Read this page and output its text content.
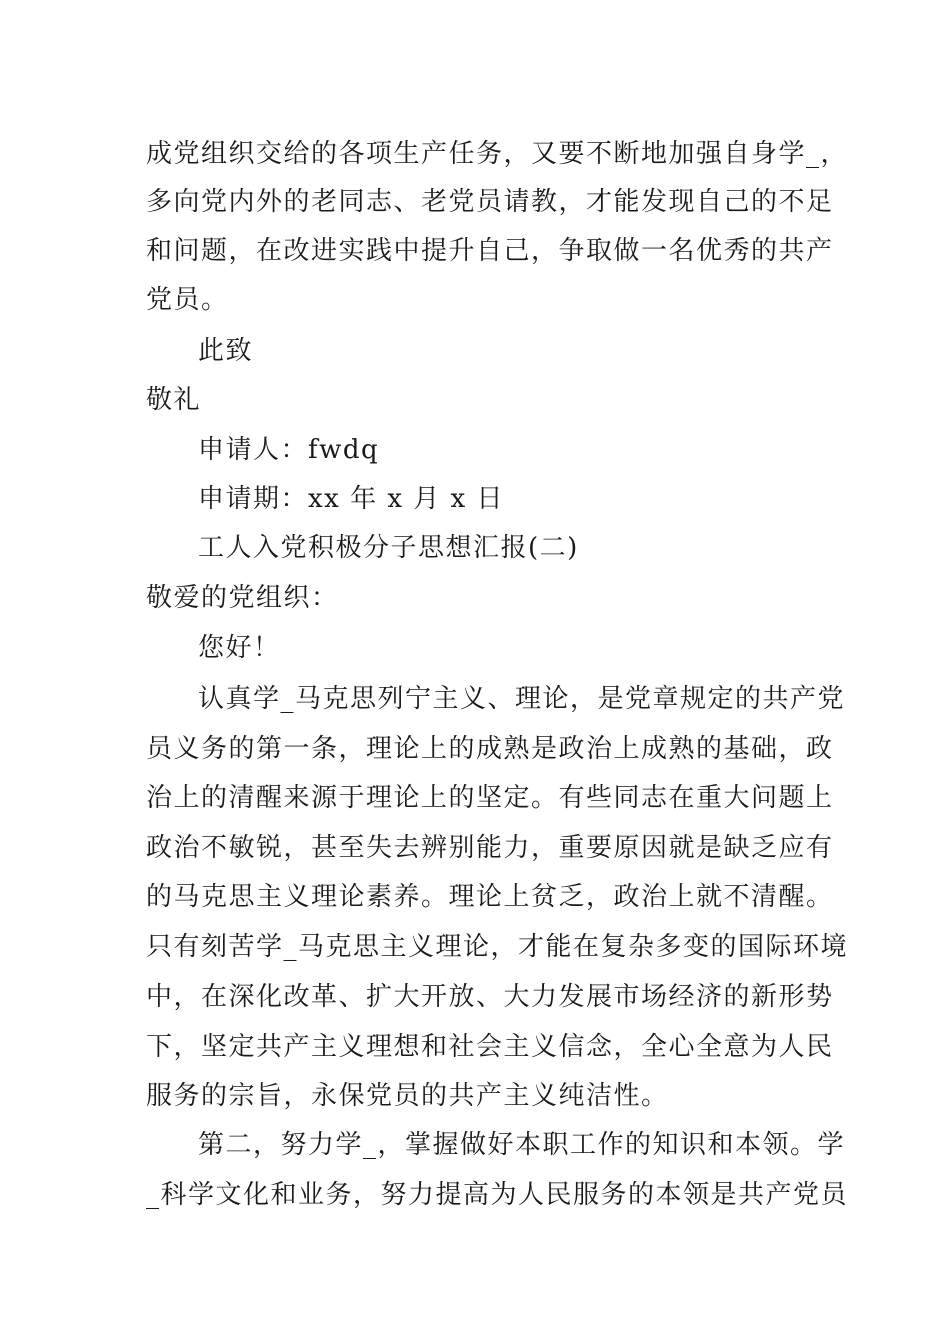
成党组织交给的各项生产任务，又要不断地加强自身学_，
多向党内外的老同志、老党员请教，才能发现自己的不足
和问题，在改进实践中提升自己，争取做一名优秀的共产
党员。
此致
敬礼
申请人：fwdq
申请期：xx 年 x 月 x 日
工人入党积极分子思想汇报(二)
敬爱的党组织：
您好！
认真学_马克思列宁主义、理论，是党章规定的共产党
员义务的第一条，理论上的成熟是政治上成熟的基础，政
治上的清醒来源于理论上的坚定。有些同志在重大问题上
政治不敏锐，甚至失去辨别能力，重要原因就是缺乏应有
的马克思主义理论素养。理论上贫乏，政治上就不清醒。
只有刻苦学_马克思主义理论，才能在复杂多变的国际环境
中，在深化改革、扩大开放、大力发展市场经济的新形势
下，坚定共产主义理想和社会主义信念，全心全意为人民
服务的宗旨，永保党员的共产主义纯洁性。
第二，努力学_，掌握做好本职工作的知识和本领。学
_科学文化和业务，努力提高为人民服务的本领是共产党员
